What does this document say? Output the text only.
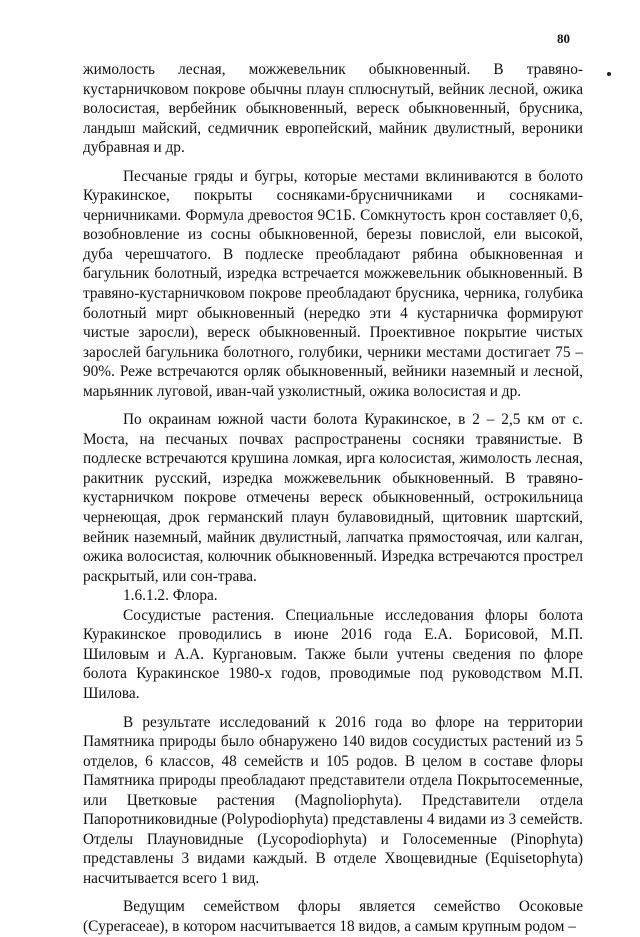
80

жимолость лесная, можжевельник обыкновенный. В травяно-кустарничковом покрове обычны плаун сплюснутый, вейник лесной, ожика волосистая, вербейник обыкновенный, вереск обыкновенный, брусника, ландыш майский, седмичник европейский, майник двулистный, вероники дубравная и др.

Песчаные гряды и бугры, которые местами вклиниваются в болото Куракинское, покрыты сосняками-брусничниками и сосняками-черничниками. Формула древостоя 9С1Б. Сомкнутость крон составляет 0,6, возобновление из сосны обыкновенной, березы повислой, ели высокой, дуба черешчатого. В подлеске преобладают рябина обыкновенная и багульник болотный, изредка встречается можжевельник обыкновенный. В травяно-кустарничковом покрове преобладают брусника, черника, голубика болотный мирт обыкновенный (нередко эти 4 кустарничка формируют чистые заросли), вереск обыкновенный. Проективное покрытие чистых зарослей багульника болотного, голубики, черники местами достигает 75 – 90%. Реже встречаются орляк обыкновенный, вейники наземный и лесной, марьянник луговой, иван-чай узколистный, ожика волосистая и др.

По окраинам южной части болота Куракинское, в 2 – 2,5 км от с. Моста, на песчаных почвах распространены сосняки травянистые. В подлеске встречаются крушина ломкая, ирга колосистая, жимолость лесная, ракитник русский, изредка можжевельник обыкновенный. В травяно-кустарничком покрове отмечены вереск обыкновенный, острокильница чернеющая, дрок германский плаун булавовидный, щитовник шартский, вейник наземный, майник двулистный, лапчатка прямостоячая, или калган, ожика волосистая, колючник обыкновенный. Изредка встречаются прострел раскрытый, или сон-трава.

1.6.1.2. Флора.

Сосудистые растения. Специальные исследования флоры болота Куракинское проводились в июне 2016 года Е.А. Борисовой, М.П. Шиловым и А.А. Кургановым. Также были учтены сведения по флоре болота Куракинское 1980-х годов, проводимые под руководством М.П. Шилова.

В результате исследований к 2016 года во флоре на территории Памятника природы было обнаружено 140 видов сосудистых растений из 5 отделов, 6 классов, 48 семейств и 105 родов. В целом в составе флоры Памятника природы преобладают представители отдела Покрытосеменные, или Цветковые растения (Magnoliophyta). Представители отдела Папоротниковидные (Polypodiophyta) представлены 4 видами из 3 семейств. Отделы Плауновидные (Lycopodiophyta) и Голосеменные (Pinophyta) представлены 3 видами каждый. В отделе Хвощевидные (Equisetophyta) насчитывается всего 1 вид.

Ведущим семейством флоры является семейство Осоковые (Cyperaceae), в котором насчитывается 18 видов, а самым крупным родом –
